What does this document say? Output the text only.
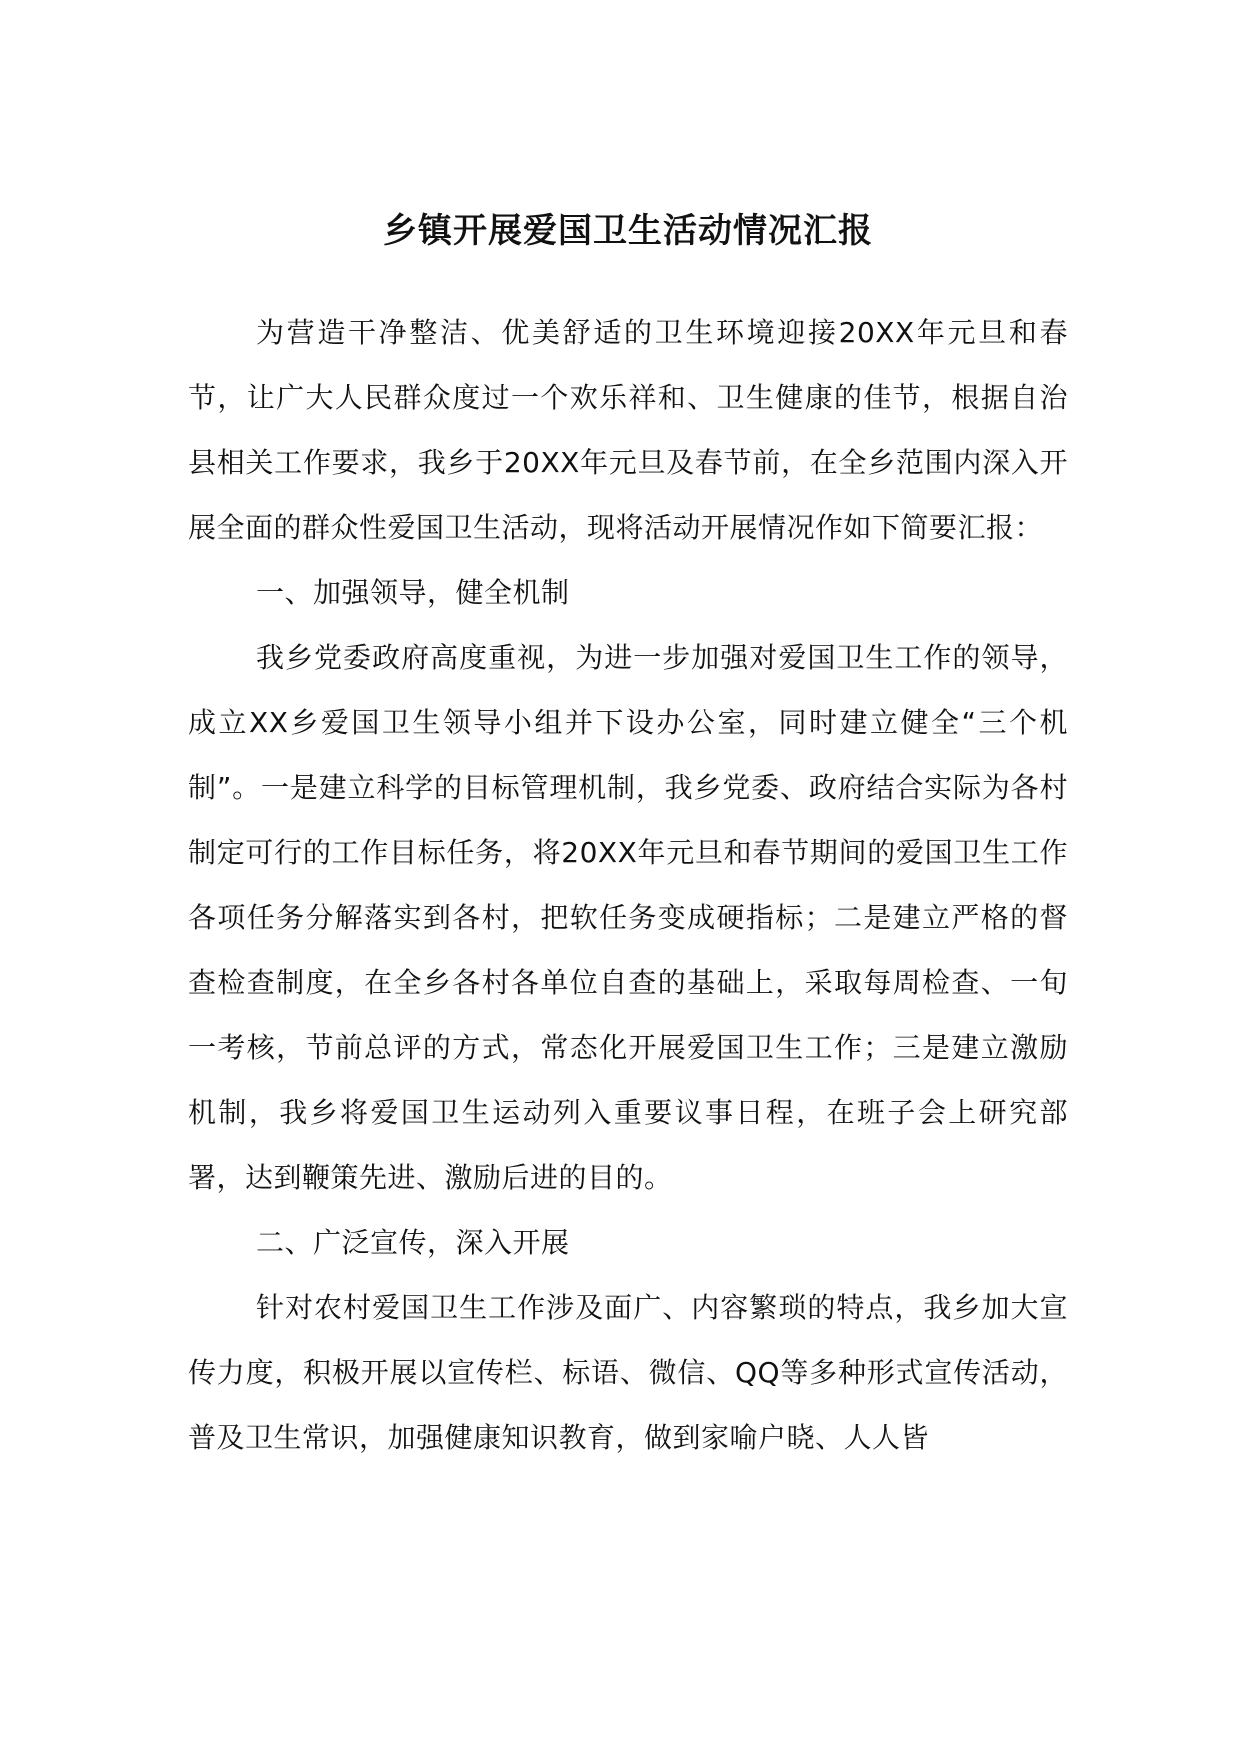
乡镇开展爱国卫生活动情况汇报

为营造干净整洁、优美舒适的卫生环境迎接20XX年元旦和春节，让广大人民群众度过一个欢乐祥和、卫生健康的佳节，根据自治县相关工作要求，我乡于20XX年元旦及春节前，在全乡范围内深入开展全面的群众性爱国卫生活动，现将活动开展情况作如下简要汇报：

一、加强领导，健全机制

我乡党委政府高度重视，为进一步加强对爱国卫生工作的领导，成立XX乡爱国卫生领导小组并下设办公室，同时建立健全“三个机制”。一是建立科学的目标管理机制，我乡党委、政府结合实际为各村制定可行的工作目标任务，将20XX年元旦和春节期间的爱国卫生工作各项任务分解落实到各村，把软任务变成硬指标；二是建立严格的督查检查制度，在全乡各村各单位自查的基础上，采取每周检查、一旬一考核，节前总评的方式，常态化开展爱国卫生工作；三是建立激励机制，我乡将爱国卫生运动列入重要议事日程，在班子会上研究部署，达到鞭策先进、激励后进的目的。

二、广泛宣传，深入开展

针对农村爱国卫生工作涉及面广、内容繁琐的特点，我乡加大宣传力度，积极开展以宣传栏、标语、微信、QQ等多种形式宣传活动，普及卫生常识，加强健康知识教育，做到家喻户晓、人人皆
